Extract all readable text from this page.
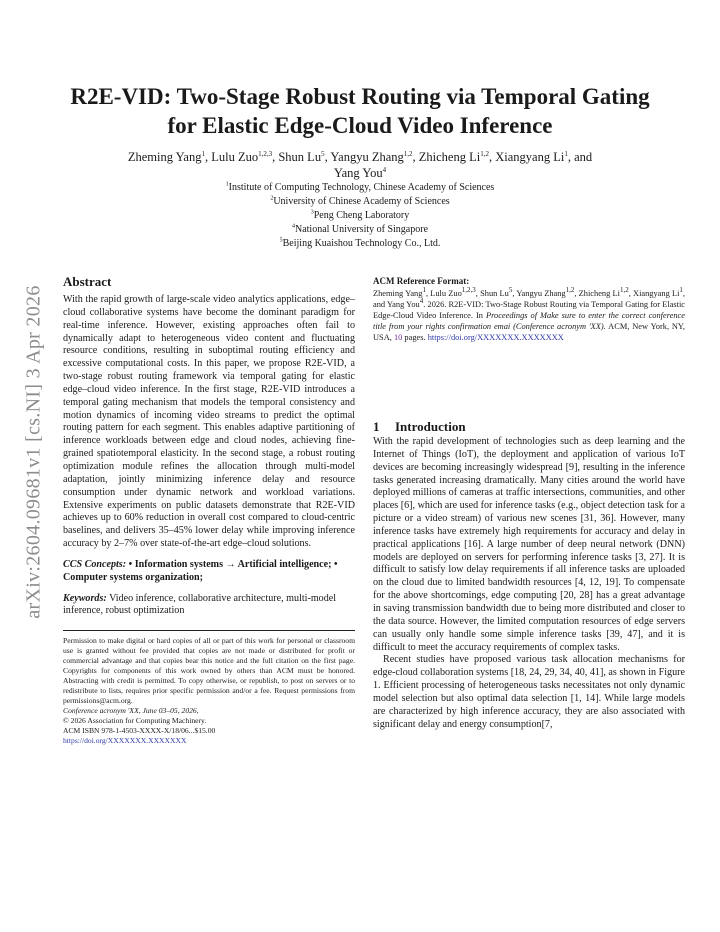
arXiv:2604.09681v1 [cs.NI] 3 Apr 2026
R2E-VID: Two-Stage Robust Routing via Temporal Gating for Elastic Edge-Cloud Video Inference
Zheming Yang$^1$, Lulu Zuo$^{1,2,3}$, Shun Lu$^5$, Yangyu Zhang$^{1,2}$, Zhicheng Li$^{1,2}$, Xiangyang Li$^1$, and
Yang You$^4$
$^1$Institute of Computing Technology, Chinese Academy of Sciences
$^2$University of Chinese Academy of Sciences
$^3$Peng Cheng Laboratory
$^4$National University of Singapore
$^5$Beijing Kuaishou Technology Co., Ltd.
Abstract

With the rapid growth of large-scale video analytics applications, edge–cloud collaborative systems have become the dominant paradigm for real-time inference. However, existing approaches often fail to dynamically adapt to heterogeneous video content and fluctuating resource conditions, resulting in suboptimal routing efficiency and excessive computational costs. In this paper, we propose R2E-VID, a two-stage robust routing framework via temporal gating for elastic edge–cloud video inference. In the first stage, R2E-VID introduces a temporal gating mechanism that models the temporal consistency and motion dynamics of incoming video streams to predict the optimal routing pattern for each segment. This enables adaptive partitioning of inference workloads between edge and cloud nodes, achieving fine-grained spatiotemporal elasticity. In the second stage, a robust routing optimization module refines the allocation through multi-model adaptation, jointly minimizing inference delay and resource consumption under dynamic network and workload variations. Extensive experiments on public datasets demonstrate that R2E-VID achieves up to 60% reduction in overall cost compared to cloud-centric baselines, and delivers 35–45% lower delay while improving inference accuracy by 2–7% over state-of-the-art edge–cloud solutions.

CCS Concepts: • Information systems → Artificial intelligence; • Computer systems organization;
Keywords: Video inference, collaborative architecture, multi-model inference, robust optimization
Permission to make digital or hard copies of all or part of this work for personal or classroom use is granted without fee provided that copies are not made or distributed for profit or commercial advantage and that copies bear this notice and the full citation on the first page. Copyrights for components of this work owned by others than ACM must be honored. Abstracting with credit is permitted. To copy otherwise, or republish, to post on servers or to redistribute to lists, requires prior specific permission and/or a fee. Request permissions from permissions@acm.org.
Conference acronym 'XX, June 03–05, 2026,
© 2026 Association for Computing Machinery.
ACM ISBN 978-1-4503-XXXX-X/18/06...$15.00
https://doi.org/XXXXXXX.XXXXXXX
ACM Reference Format:
Zheming Yang$^1$, Lulu Zuo$^{1,2,3}$, Shun Lu$^5$, Yangyu Zhang$^{1,2}$, Zhicheng Li$^{1,2}$, Xiangyang Li$^1$, and Yang You$^4$. 2026. R2E-VID: Two-Stage Robust Routing via Temporal Gating for Elastic Edge-Cloud Video Inference. In Proceedings of Make sure to enter the correct conference title from your rights confirmation emai (Conference acronym 'XX). ACM, New York, NY, USA, 10 pages. https://doi.org/XXXXXXX.XXXXXXX
1 Introduction

With the rapid development of technologies such as deep learning and the Internet of Things (IoT), the deployment and application of various IoT devices are becoming increasingly widespread [9], resulting in the inference tasks generated increasing dramatically. Many cities around the world have deployed millions of cameras at traffic intersections, communities, and other places [6], which are used for inference tasks (e.g., object detection task for a picture or a video stream) of various new scenes [31, 36]. However, many inference tasks have extremely high requirements for accuracy and delay in practical applications [16]. A large number of deep neural network (DNN) models are deployed on servers for performing inference tasks [3, 27]. It is difficult to satisfy low delay requirements if all inference tasks are uploaded on the cloud due to limited bandwidth resources [4, 12, 19]. To compensate for the above shortcomings, edge computing [20, 28] has a great advantage in saving transmission bandwidth due to being more distributed and closer to the data source. However, the limited computation resources of edge servers can usually only handle some simple inference tasks [39, 47], and it is difficult to meet the accuracy requirements of complex tasks.

Recent studies have proposed various task allocation mechanisms for edge-cloud collaboration systems [18, 24, 29, 34, 40, 41], as shown in Figure 1. Efficient processing of heterogeneous tasks necessitates not only dynamic model selection but also optimal data selection [1, 14]. While large models are characterized by high inference accuracy, they are also associated with significant delay and energy consumption[7,
